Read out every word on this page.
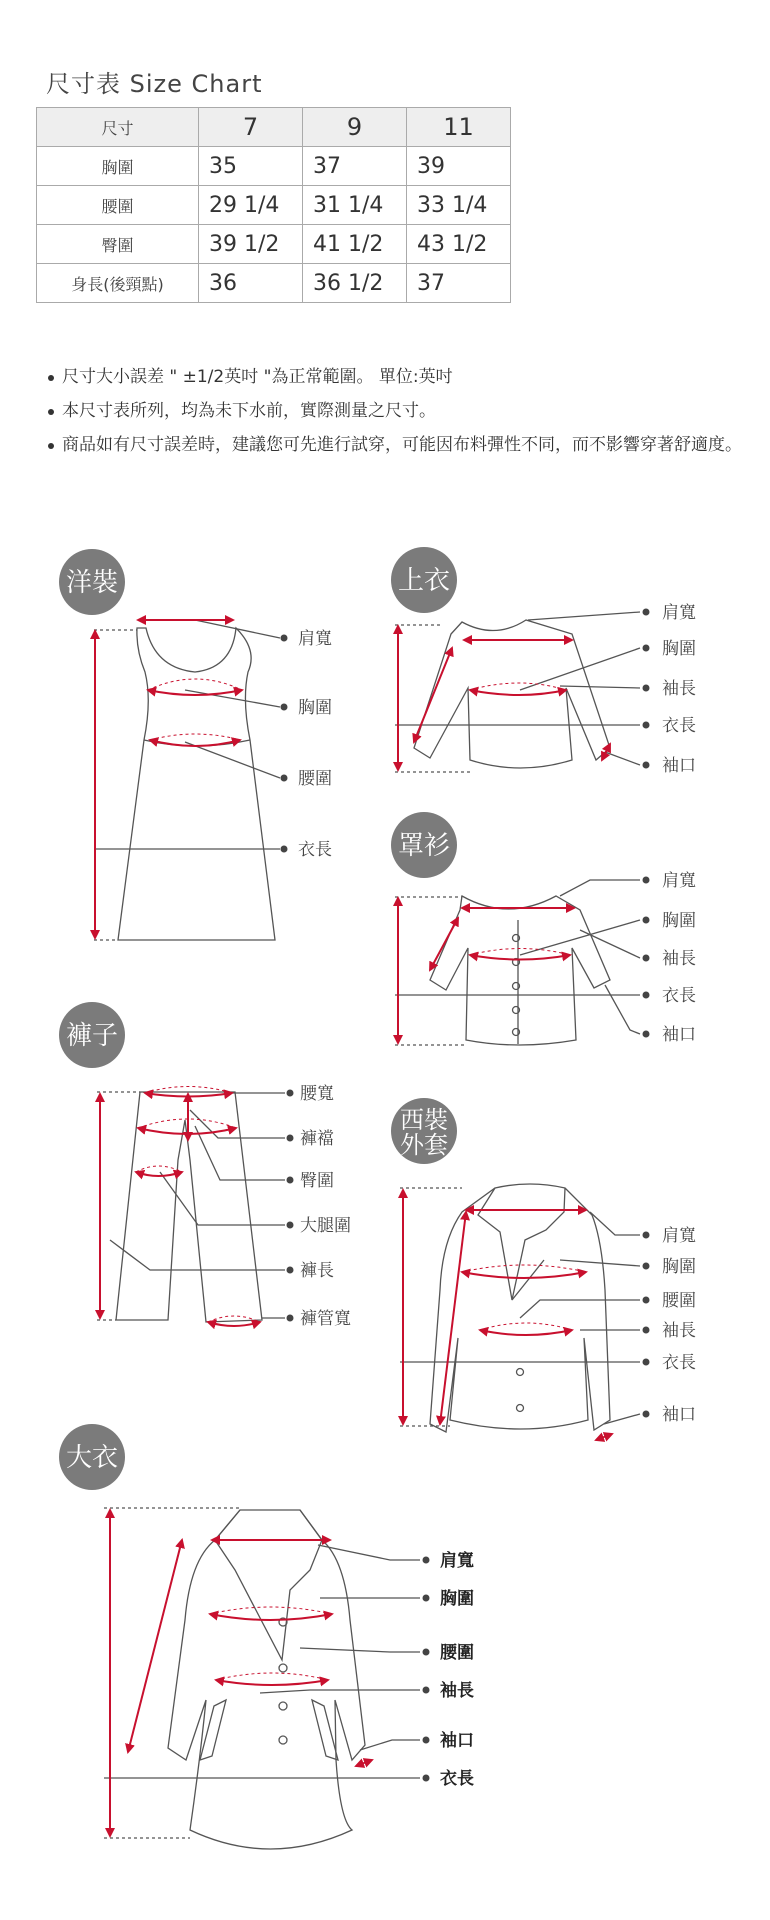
尺寸表 Size Chart
尺寸	7	9	11
胸圍	35	37	39
腰圍	29 1/4	31 1/4	33 1/4
臀圍	39 1/2	41 1/2	43 1/2
身長(後頸點)	36	36 1/2	37
尺寸大小誤差 " ±1/2英吋 "為正常範圍。 單位:英吋
本尺寸表所列，均為未下水前，實際測量之尺寸。
商品如有尺寸誤差時，建議您可先進行試穿，可能因布料彈性不同，而不影響穿著舒適度。
洋裝	上衣
罩衫
褲子
西裝
外套
大衣
肩寬
胸圍
腰圍
衣長
肩寬
胸圍
袖長
衣長
袖口
肩寬
胸圍
袖長
衣長
袖口
腰寬
褲襠
臀圍
大腿圍
褲長
褲管寬
肩寬
胸圍
腰圍
袖長
衣長
袖口
肩寬
胸圍
腰圍
袖長
袖口
衣長
